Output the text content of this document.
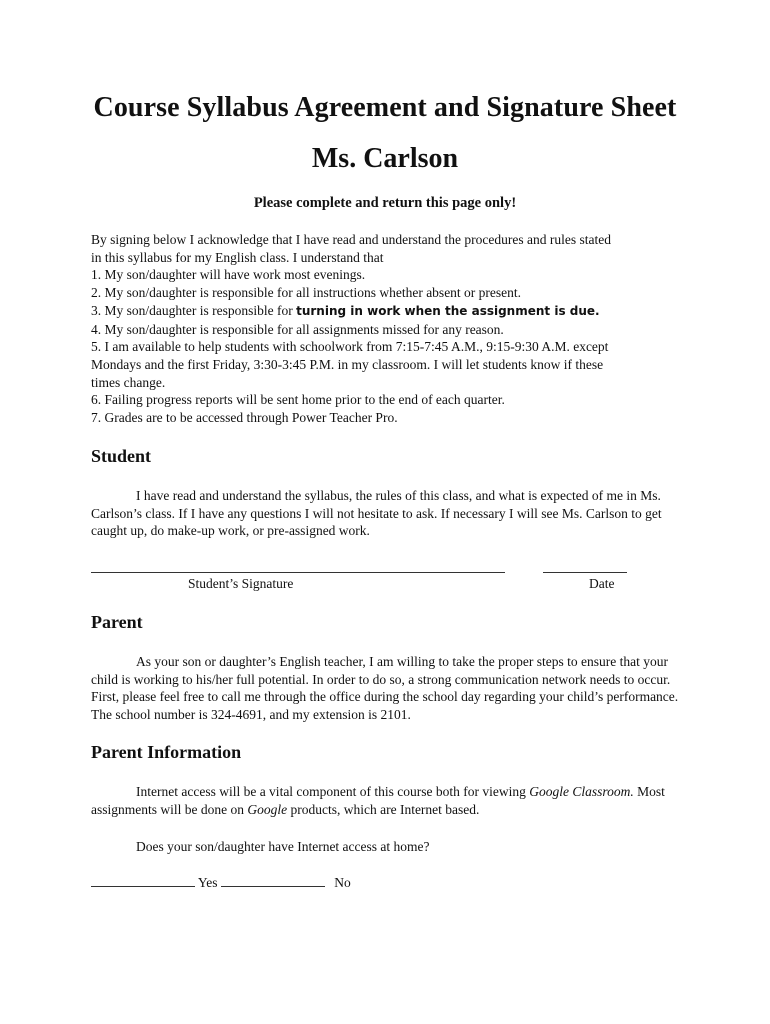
Course Syllabus Agreement and Signature Sheet
Ms. Carlson
Please complete and return this page only!

By signing below I acknowledge that I have read and understand the procedures and rules stated

in this syllabus for my English class. I understand that

1. My son/daughter will have work most evenings.

2. My son/daughter is responsible for all instructions whether absent or present.

3. My son/daughter is responsible for turning in work when the assignment is due.

4. My son/daughter is responsible for all assignments missed for any reason.

5. I am available to help students with schoolwork from 7:15-7:45 A.M., 9:15-9:30 A.M. except

Mondays and the first Friday, 3:30-3:45 P.M. in my classroom. I will let students know if these

times change.

6. Failing progress reports will be sent home prior to the end of each quarter.

7. Grades are to be accessed through Power Teacher Pro.

Student

I have read and understand the syllabus, the rules of this class, and what is expected of me in Ms. Carlson’s class. If I have any questions I will not hesitate to ask. If necessary I will see Ms. Carlson to get caught up, do make-up work, or pre-assigned work.

Student’s Signature	Date
Parent

As your son or daughter’s English teacher, I am willing to take the proper steps to ensure that your child is working to his/her full potential. In order to do so, a strong communication network needs to occur. First, please feel free to call me through the office during the school day regarding your child’s performance. The school number is 324-4691, and my extension is 2101.

Parent Information

Internet access will be a vital component of this course both for viewing Google Classroom. Most assignments will be done on Google products, which are Internet based.

Does your son/daughter have Internet access at home?

Yes	No
